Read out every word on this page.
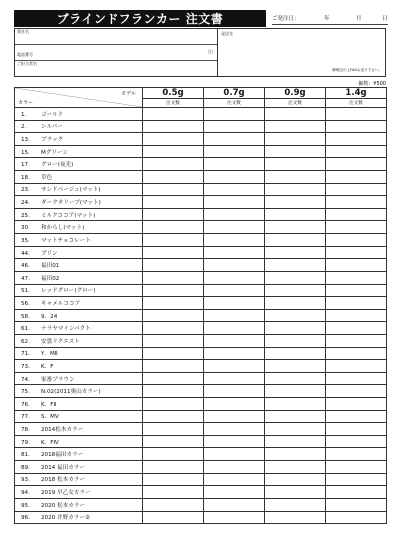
ブラインドフランカー 注文書	ご発注日：	年	月	日
貴社名
電話番号	印
ご担当者名
発送先
御明記の上FAXお送り下さい。
価格：¥500
モデル
カラー	0.5g	0.7g	0.9g	1.4g
	注文数	注文数	注文数	注文数
1. ゴールド				
2. シルバー				
13. ブラック				
15. Mグリーン				
17. グロー(夜光)				
18. 草色				
23. サンドベージュ(マット)				
24. ダークオリーブ(マット)				
25. ミルクココア(マット)				
30. 和からし(マット)				
35. マットチョコレート				
44. プリン				
46. 福田01				
47. 福田02				
51. レッドグロー(グロー)				
56. キャメルココア				
58. 9．24				
61. ナラヤマインパクト				
62. 安曇リクエスト				
71. Y．MⅡ				
73. K．F				
74. 家畜ブラウン				
75. N.02(2011奥山カラー)				
76. K．FⅡ				
77. S．MⅤ				
78. 2014松本カラー				
79. K．FⅣ				
81. 2018福田カラー				
89. 2014 福田カラー				
93. 2018 松本カラー				
94. 2019 早乙女カラー				
95. 2020 松本カラー				
96. 2020 井野カラー②				
